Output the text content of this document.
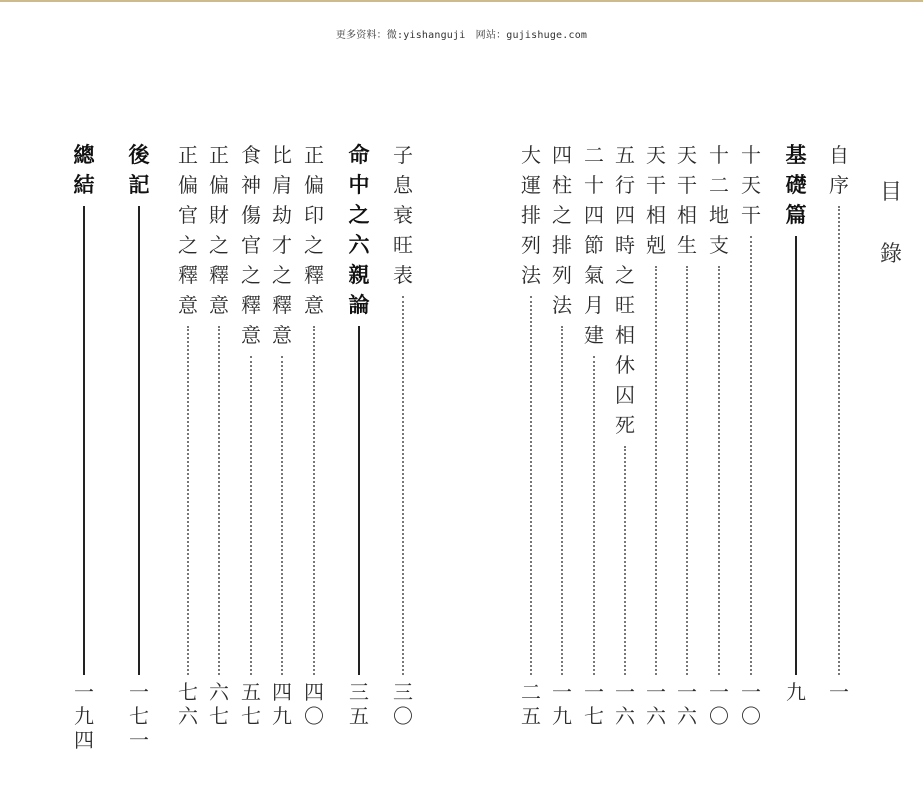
更多资料：微:yishanguji　网站：gujishuge.com
目
錄
自
序
一
基
礎
篇
九
十
天
干
一
〇
十
二
地
支
一
〇
天
干
相
生
一
六
天
干
相
剋
一
六
五
行
四
時
之
旺
相
休
囚
死
一
六
二
十
四
節
氣
月
建
一
七
四
柱
之
排
列
法
一
九
大
運
排
列
法
二
五
子
息
衰
旺
表
三
〇
命
中
之
六
親
論
三
五
正
偏
印
之
釋
意
四
〇
比
肩
劫
才
之
釋
意
四
九
食
神
傷
官
之
釋
意
五
七
正
偏
財
之
釋
意
六
七
正
偏
官
之
釋
意
七
六
後
記
一
七
一
總
結
一
九
四
